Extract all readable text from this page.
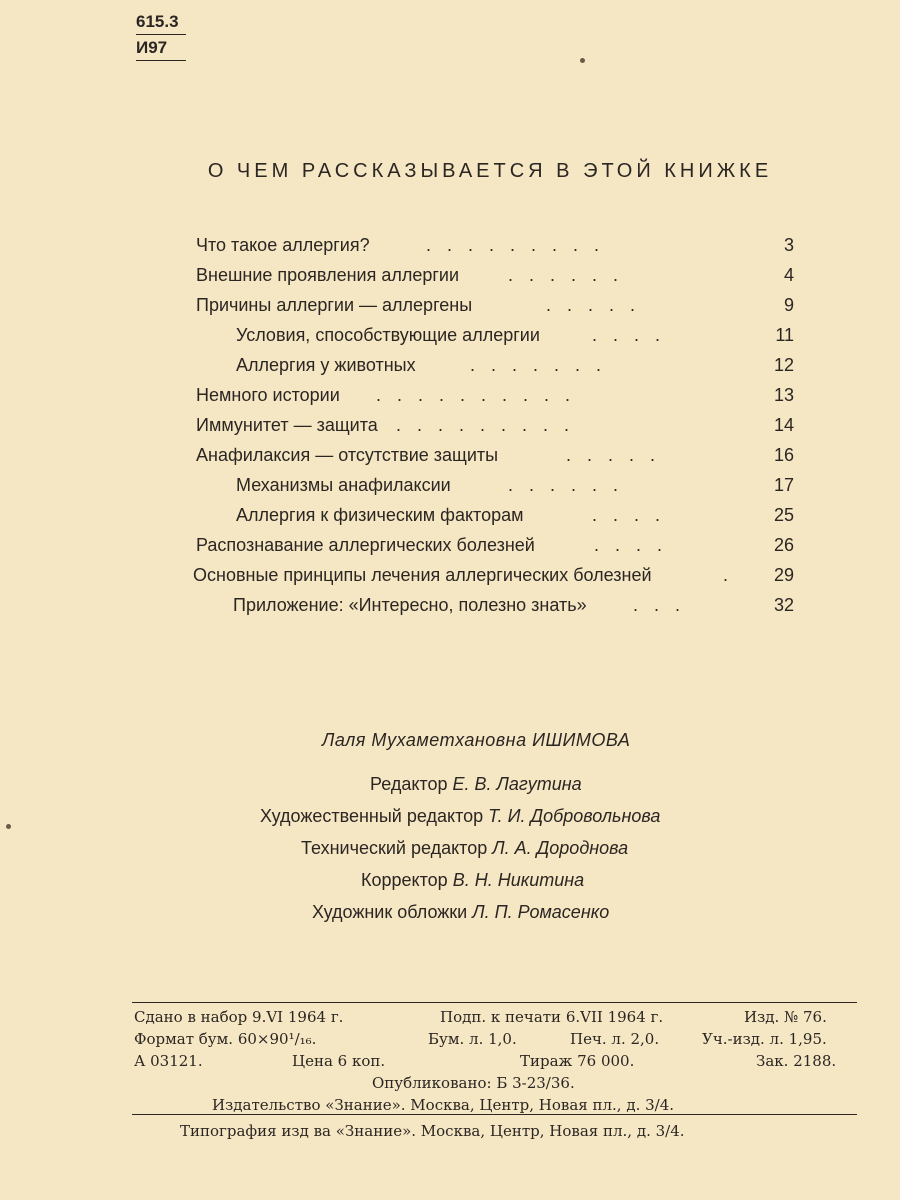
615.3
И97
О ЧЕМ РАССКАЗЫВАЕТСЯ В ЭТОЙ КНИЖКЕ
Что такое аллергия?	.........	3
Внешние проявления аллергии	......	4
Причины аллергии — аллергены	.....	9
Условия, способствующие аллергии	....	11
Аллергия у животных	.......	12
Немного истории ..........	13
Иммунитет — защита .........	14
Анафилаксия — отсутствие защиты	.....	16
Механизмы анафилаксии	......	17
Аллергия к физическим факторам	....	25
Распознавание аллергических болезней	....	26
Основные принципы лечения аллергических болезней	. 29
Приложение: «Интересно, полезно знать»	...	32
Лаля Мухаметхановна ИШИМОВА
Редактор Е. В. Лагутина
Художественный редактор Т. И. Добровольнова
Технический редактор Л. А. Дороднова
Корректор В. Н. Никитина
Художник обложки Л. П. Ромасенко
Сдано в набор 9.VI 1964 г.	Подп. к печати 6.VII 1964 г.	Изд. № 76.
Формат бум. 60×90¹/₁₆.	Бум. л. 1,0.	Печ. л. 2,0.	Уч.-изд. л. 1,95.
А 03121.	Цена 6 коп.	Тираж 76 000.	Зак. 2188.
Опубликовано: Б 3-23/36.
Издательство «Знание». Москва, Центр, Новая пл., д. 3/4.
Типография изд ва «Знание». Москва, Центр, Новая пл., д. 3/4.
